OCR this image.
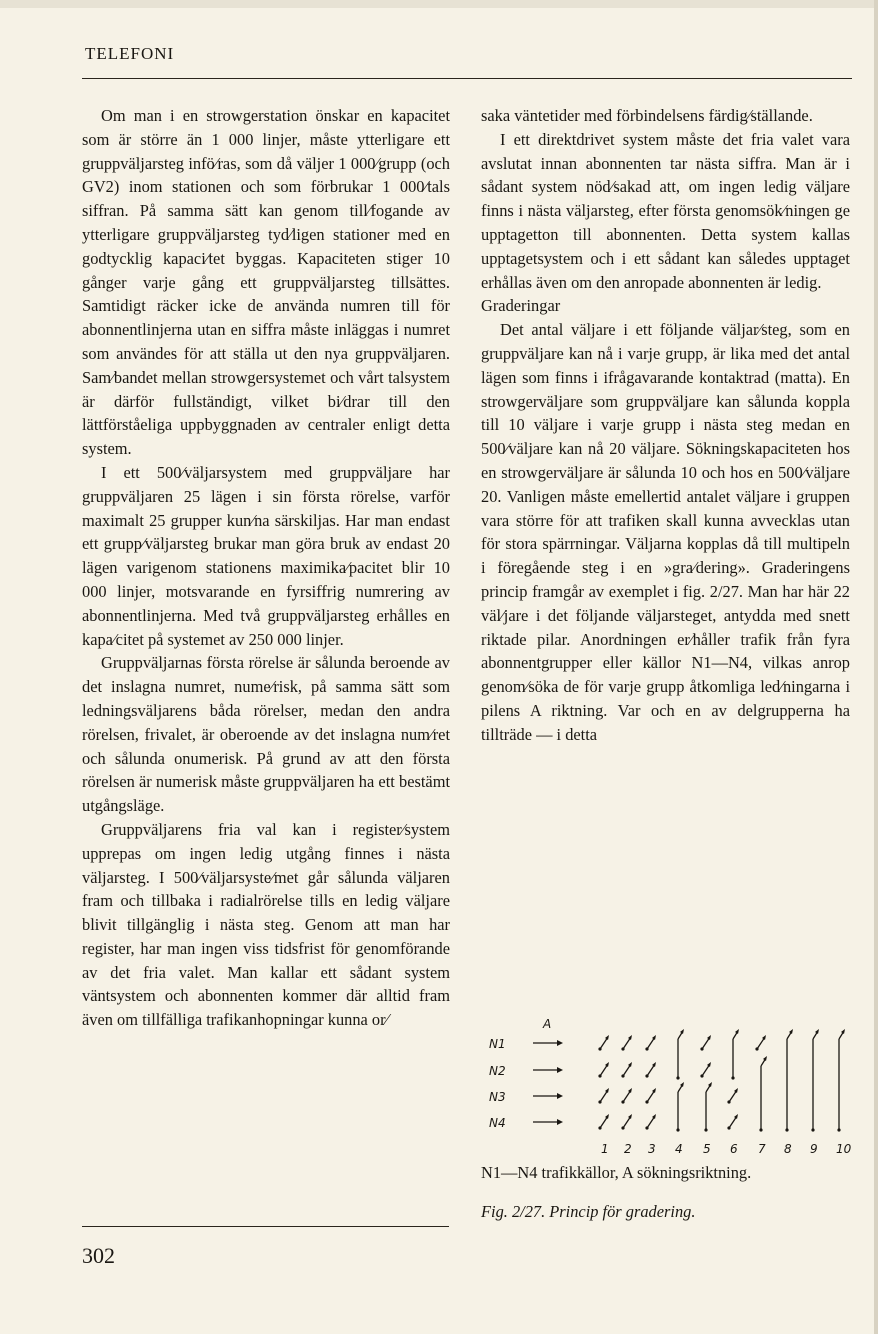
TELEFONI

Om man i en strowgerstation önskar en kapacitet som är större än 1 000 linjer, måste ytterligare ett gruppväljarsteg infö⁄ras, som då väljer 1 000⁄grupp (och GV2) inom stationen och som förbrukar 1 000⁄tals siffran. På samma sätt kan genom till⁄fogande av ytterligare gruppväljarsteg tyd⁄ligen stationer med en godtycklig kapaci⁄tet byggas. Kapaciteten stiger 10 gånger varje gång ett gruppväljarsteg tillsättes. Samtidigt räcker icke de använda numren till för abonnentlinjerna utan en siffra måste inläggas i numret som användes för att ställa ut den nya gruppväljaren. Sam⁄bandet mellan strowgersystemet och vårt talsystem är därför fullständigt, vilket bi⁄drar till den lättförståeliga uppbyggnaden av centraler enligt detta system.

I ett 500⁄väljarsystem med gruppväljare har gruppväljaren 25 lägen i sin första rörelse, varför maximalt 25 grupper kun⁄na särskiljas. Har man endast ett grupp⁄väljarsteg brukar man göra bruk av endast 20 lägen varigenom stationens maximika⁄pacitet blir 10 000 linjer, motsvarande en fyrsiffrig numrering av abonnentlinjerna. Med två gruppväljarsteg erhålles en kapa⁄citet på systemet av 250 000 linjer.

Gruppväljarnas första rörelse är sålunda beroende av det inslagna numret, nume⁄risk, på samma sätt som ledningsväljarens båda rörelser, medan den andra rörelsen, frivalet, är oberoende av det inslagna num⁄ret och sålunda onumerisk. På grund av att den första rörelsen är numerisk måste gruppväljaren ha ett bestämt utgångsläge.

Gruppväljarens fria val kan i register⁄system upprepas om ingen ledig utgång finnes i nästa väljarsteg. I 500⁄väljarsyste⁄met går sålunda väljaren fram och tillbaka i radialrörelse tills en ledig väljare blivit tillgänglig i nästa steg. Genom att man har register, har man ingen viss tidsfrist för genomförande av det fria valet. Man kallar ett sådant system väntsystem och abonnenten kommer där alltid fram även om tillfälliga trafikanhopningar kunna or⁄

saka väntetider med förbindelsens färdig⁄ställande.

I ett direktdrivet system måste det fria valet vara avslutat innan abonnenten tar nästa siffra. Man är i sådant system nöd⁄sakad att, om ingen ledig väljare finns i nästa väljarsteg, efter första genomsök⁄ningen ge upptagetton till abonnenten. Detta system kallas upptagetsystem och i ett sådant kan således upptaget erhållas även om den anropade abonnenten är ledig.

Graderingar

Det antal väljare i ett följande väljar⁄steg, som en gruppväljare kan nå i varje grupp, är lika med det antal lägen som finns i ifrågavarande kontaktrad (matta). En strowgerväljare som gruppväljare kan sålunda koppla till 10 väljare i varje grupp i nästa steg medan en 500⁄väljare kan nå 20 väljare. Sökningskapaciteten hos en strowgerväljare är sålunda 10 och hos en 500⁄väljare 20. Vanligen måste emellertid antalet väljare i gruppen vara större för att trafiken skall kunna avvecklas utan för stora spärrningar. Väljarna kopplas då till multipeln i föregående steg i en »gra⁄dering». Graderingens princip framgår av exemplet i fig. 2/27. Man har här 22 väl⁄jare i det följande väljarsteget, antydda med snett riktade pilar. Anordningen er⁄håller trafik från fyra abonnentgrupper eller källor N1—N4, vilkas anrop genom⁄söka de för varje grupp åtkomliga led⁄ningarna i pilens A riktning. Var och en av delgrupperna ha tillträde — i detta

A
N1
N2
N3
N4
1 2 3 4 5 6 7 8 9 10
N1—N4 trafikkällor, A sökningsriktning.
Fig. 2/27. Princip för gradering.
302
